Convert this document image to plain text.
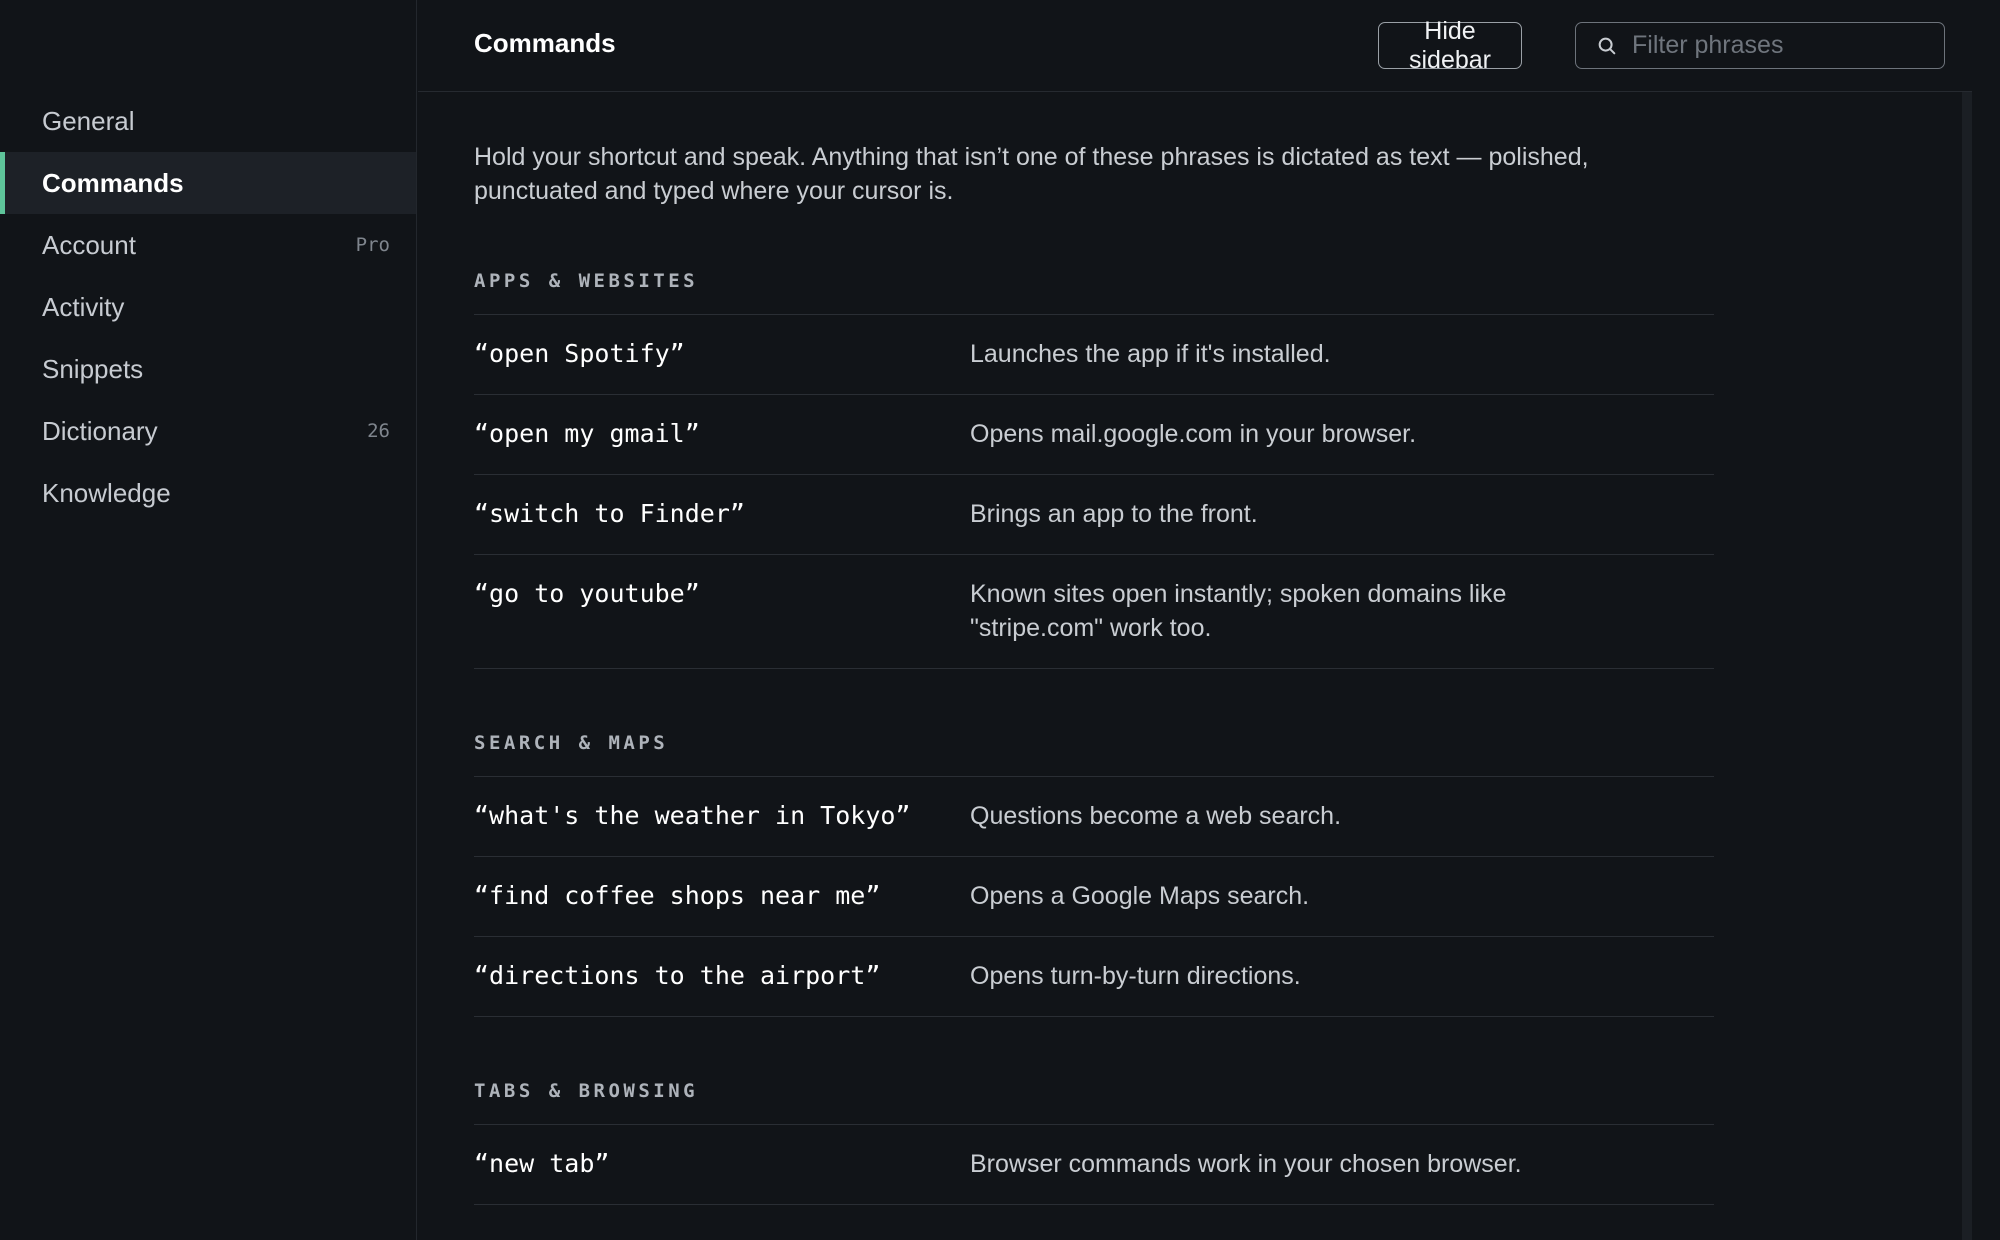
General
Commands
Account	Pro
Activity
Snippets
Dictionary	26
Knowledge
Commands	Hide sidebar
Filter phrases

Hold your shortcut and speak. Anything that isn’t one of these phrases is dictated as text — polished, punctuated and typed where your cursor is.

APPS & WEBSITES
“open Spotify”	Launches the app if it's installed.
“open my gmail”	Opens mail.google.com in your browser.
“switch to Finder”	Brings an app to the front.
“go to youtube”	Known sites open instantly; spoken domains like "stripe.com" work too.
SEARCH & MAPS
“what's the weather in Tokyo”	Questions become a web search.
“find coffee shops near me”	Opens a Google Maps search.
“directions to the airport”	Opens turn-by-turn directions.
TABS & BROWSING
“new tab”	Browser commands work in your chosen browser.
